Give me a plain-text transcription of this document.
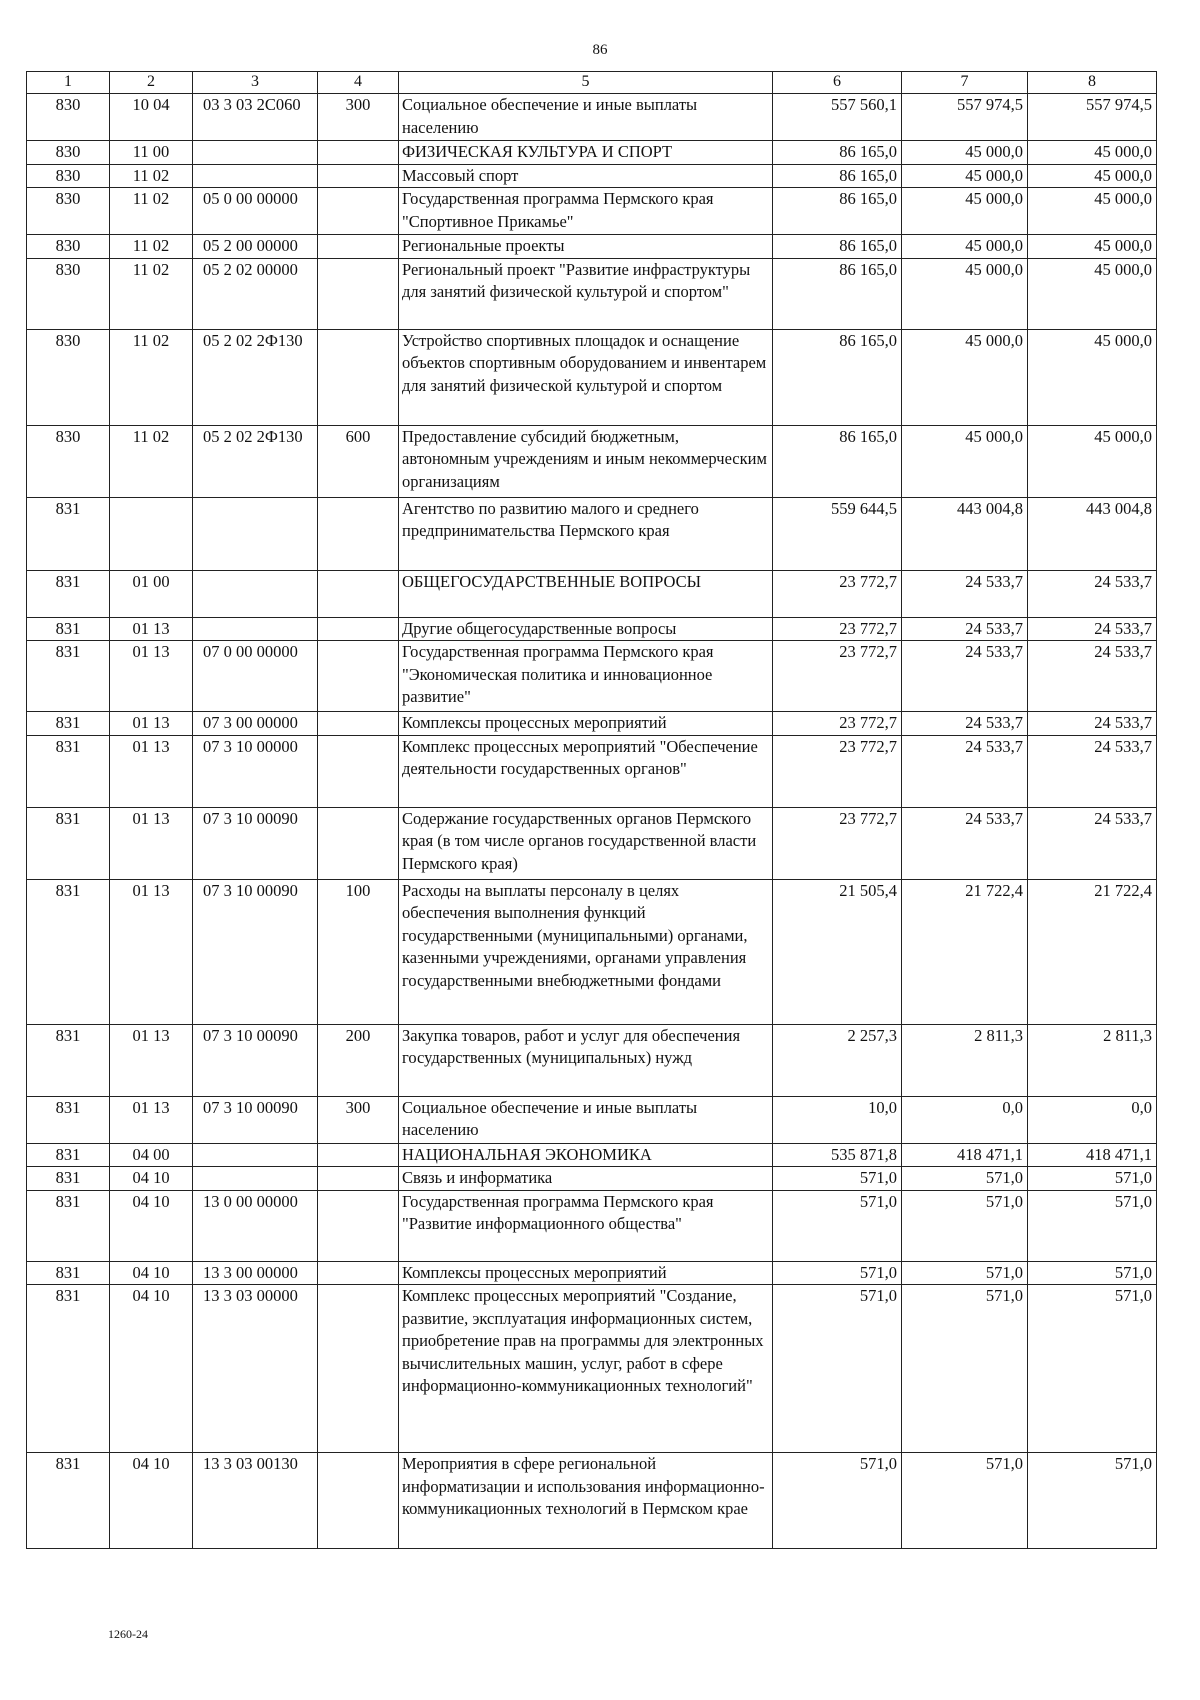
86
1	2	3	4	5	6	7	8
830	10 04	03 3 03 2С060	300	Социальное обеспечение и иные выплаты населению	557 560,1	557 974,5	557 974,5
830	11 00			ФИЗИЧЕСКАЯ КУЛЬТУРА И СПОРТ	86 165,0	45 000,0	45 000,0
830	11 02			Массовый спорт	86 165,0	45 000,0	45 000,0
830	11 02	05 0 00 00000		Государственная программа Пермского края "Спортивное Прикамье"	86 165,0	45 000,0	45 000,0
830	11 02	05 2 00 00000		Региональные проекты	86 165,0	45 000,0	45 000,0
830	11 02	05 2 02 00000		Региональный проект "Развитие инфраструктуры для занятий физической культурой и спортом"	86 165,0	45 000,0	45 000,0
830	11 02	05 2 02 2Ф130		Устройство спортивных площадок и оснащение объектов спортивным оборудованием и инвентарем для занятий физической культурой и спортом	86 165,0	45 000,0	45 000,0
830	11 02	05 2 02 2Ф130	600	Предоставление субсидий бюджетным, автономным учреждениям и иным некоммерческим организациям	86 165,0	45 000,0	45 000,0
831				Агентство по развитию малого и среднего предпринимательства Пермского края	559 644,5	443 004,8	443 004,8
831	01 00			ОБЩЕГОСУДАРСТВЕННЫЕ ВОПРОСЫ	23 772,7	24 533,7	24 533,7
831	01 13			Другие общегосударственные вопросы	23 772,7	24 533,7	24 533,7
831	01 13	07 0 00 00000		Государственная программа Пермского края "Экономическая политика и инновационное развитие"	23 772,7	24 533,7	24 533,7
831	01 13	07 3 00 00000		Комплексы процессных мероприятий	23 772,7	24 533,7	24 533,7
831	01 13	07 3 10 00000		Комплекс процессных мероприятий "Обеспечение деятельности государственных органов"	23 772,7	24 533,7	24 533,7
831	01 13	07 3 10 00090		Содержание государственных органов Пермского края (в том числе органов государственной власти Пермского края)	23 772,7	24 533,7	24 533,7
831	01 13	07 3 10 00090	100	Расходы на выплаты персоналу в целях обеспечения выполнения функций государственными (муниципальными) органами, казенными учреждениями, органами управления государственными внебюджетными фондами	21 505,4	21 722,4	21 722,4
831	01 13	07 3 10 00090	200	Закупка товаров, работ и услуг для обеспечения государственных (муниципальных) нужд	2 257,3	2 811,3	2 811,3
831	01 13	07 3 10 00090	300	Социальное обеспечение и иные выплаты населению	10,0	0,0	0,0
831	04 00			НАЦИОНАЛЬНАЯ ЭКОНОМИКА	535 871,8	418 471,1	418 471,1
831	04 10			Связь и информатика	571,0	571,0	571,0
831	04 10	13 0 00 00000		Государственная программа Пермского края "Развитие информационного общества"	571,0	571,0	571,0
831	04 10	13 3 00 00000		Комплексы процессных мероприятий	571,0	571,0	571,0
831	04 10	13 3 03 00000		Комплекс процессных мероприятий "Создание, развитие, эксплуатация информационных систем, приобретение прав на программы для электронных вычислительных машин, услуг, работ в сфере информационно-коммуникационных технологий"	571,0	571,0	571,0
831	04 10	13 3 03 00130		Мероприятия в сфере региональной информатизации и использования информационно-коммуникационных технологий в Пермском крае	571,0	571,0	571,0
1260-24
